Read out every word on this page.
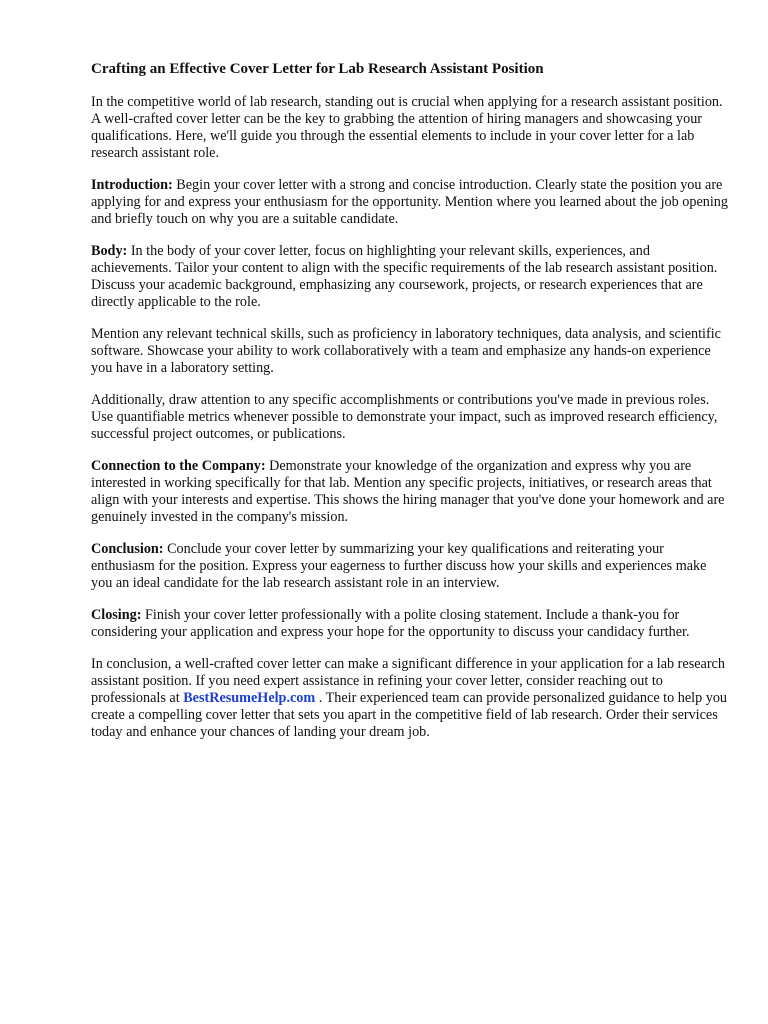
Crafting an Effective Cover Letter for Lab Research Assistant Position

In the competitive world of lab research, standing out is crucial when applying for a research assistant position. A well-crafted cover letter can be the key to grabbing the attention of hiring managers and showcasing your qualifications. Here, we'll guide you through the essential elements to include in your cover letter for a lab research assistant role.

Introduction: Begin your cover letter with a strong and concise introduction. Clearly state the position you are applying for and express your enthusiasm for the opportunity. Mention where you learned about the job opening and briefly touch on why you are a suitable candidate.

Body: In the body of your cover letter, focus on highlighting your relevant skills, experiences, and achievements. Tailor your content to align with the specific requirements of the lab research assistant position. Discuss your academic background, emphasizing any coursework, projects, or research experiences that are directly applicable to the role.

Mention any relevant technical skills, such as proficiency in laboratory techniques, data analysis, and scientific software. Showcase your ability to work collaboratively with a team and emphasize any hands-on experience you have in a laboratory setting.

Additionally, draw attention to any specific accomplishments or contributions you've made in previous roles. Use quantifiable metrics whenever possible to demonstrate your impact, such as improved research efficiency, successful project outcomes, or publications.

Connection to the Company: Demonstrate your knowledge of the organization and express why you are interested in working specifically for that lab. Mention any specific projects, initiatives, or research areas that align with your interests and expertise. This shows the hiring manager that you've done your homework and are genuinely invested in the company's mission.

Conclusion: Conclude your cover letter by summarizing your key qualifications and reiterating your enthusiasm for the position. Express your eagerness to further discuss how your skills and experiences make you an ideal candidate for the lab research assistant role in an interview.

Closing: Finish your cover letter professionally with a polite closing statement. Include a thank-you for considering your application and express your hope for the opportunity to discuss your candidacy further.

In conclusion, a well-crafted cover letter can make a significant difference in your application for a lab research assistant position. If you need expert assistance in refining your cover letter, consider reaching out to professionals at BestResumeHelp.com . Their experienced team can provide personalized guidance to help you create a compelling cover letter that sets you apart in the competitive field of lab research. Order their services today and enhance your chances of landing your dream job.
